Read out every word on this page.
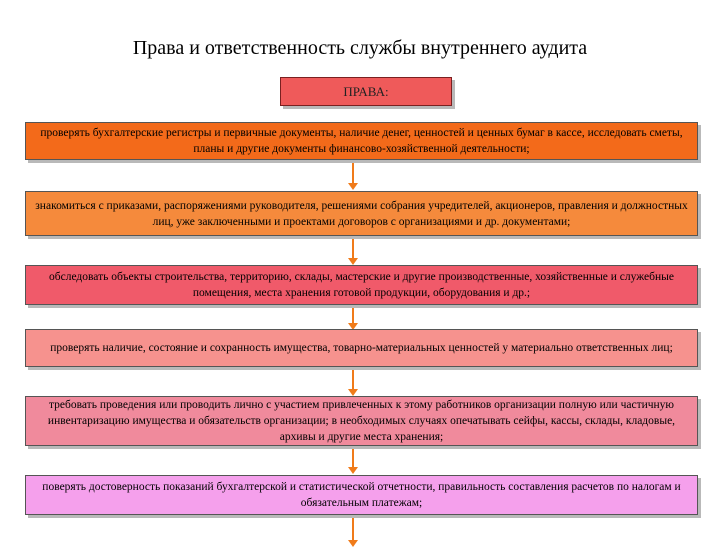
Права и ответственность службы внутреннего аудита
ПРАВА:
проверять бухгалтерские регистры и первичные документы, наличие денег, ценностей и ценных бумаг в кассе, исследовать сметы, планы и другие документы финансово-хозяйственной деятельности;
знакомиться с приказами, распоряжениями руководителя, решениями собрания учредителей, акционеров, правления и должностных лиц, уже заключенными и проектами договоров с организациями и др. документами;
обследовать объекты строительства, территорию, склады, мастерские и другие производственные, хозяйственные и служебные помещения, места хранения готовой продукции, оборудования и др.;
проверять наличие, состояние и сохранность имущества, товарно-материальных ценностей у материально ответственных лиц;
требовать проведения или проводить лично с участием привлеченных к этому работников организации полную или частичную инвентаризацию имущества и обязательств организации; в необходимых случаях опечатывать сейфы, кассы, склады, кладовые, архивы и другие места хранения;
поверять достоверность показаний бухгалтерской и статистической отчетности, правильность составления расчетов по налогам и обязательным платежам;
